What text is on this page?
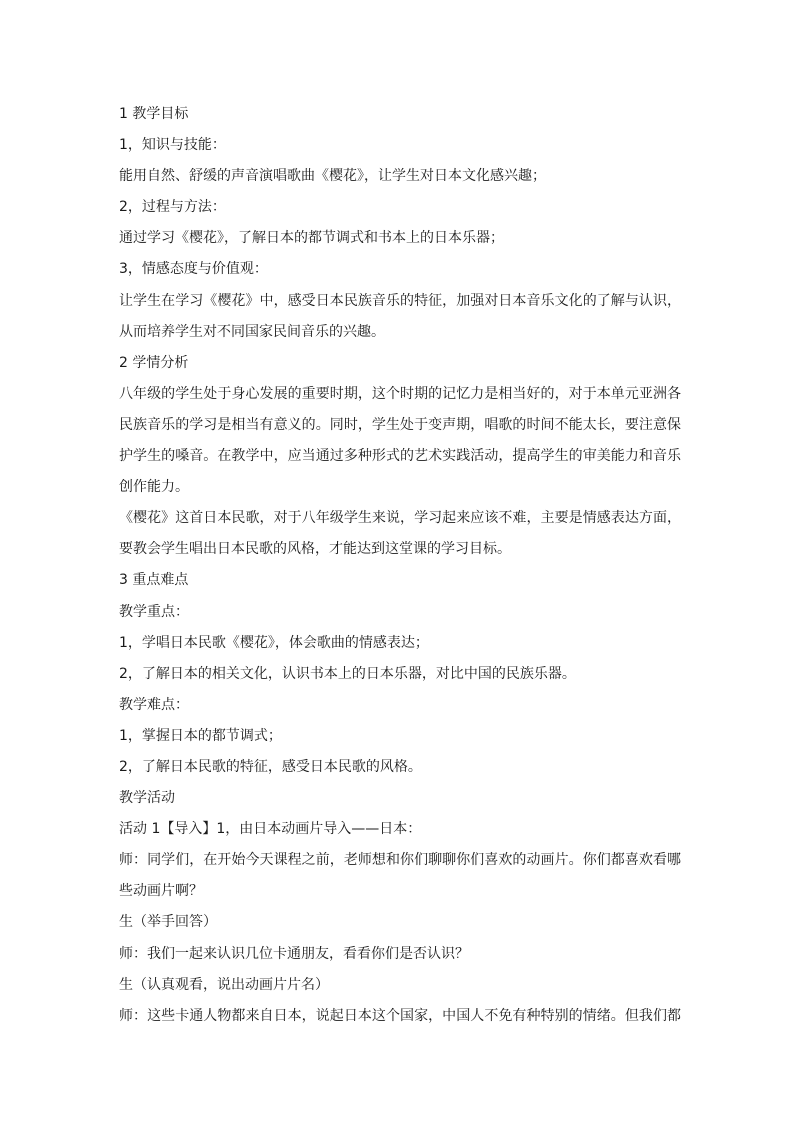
1 教学目标
1，知识与技能：
能用自然、舒缓的声音演唱歌曲《樱花》，让学生对日本文化感兴趣；
2，过程与方法：
通过学习《樱花》，了解日本的都节调式和书本上的日本乐器；
3，情感态度与价值观：
让学生在学习《樱花》中，感受日本民族音乐的特征，加强对日本音乐文化的了解与认识，
从而培养学生对不同国家民间音乐的兴趣。
2 学情分析
八年级的学生处于身心发展的重要时期，这个时期的记忆力是相当好的，对于本单元亚洲各
民族音乐的学习是相当有意义的。同时，学生处于变声期，唱歌的时间不能太长，要注意保
护学生的嗓音。在教学中，应当通过多种形式的艺术实践活动，提高学生的审美能力和音乐
创作能力。
《樱花》这首日本民歌，对于八年级学生来说，学习起来应该不难，主要是情感表达方面，
要教会学生唱出日本民歌的风格，才能达到这堂课的学习目标。
3 重点难点
教学重点：
1，学唱日本民歌《樱花》，体会歌曲的情感表达；
2，了解日本的相关文化，认识书本上的日本乐器，对比中国的民族乐器。
教学难点：
1，掌握日本的都节调式；
2，了解日本民歌的特征，感受日本民歌的风格。
教学活动
活动 1【导入】1，由日本动画片导入——日本：
师：同学们，在开始今天课程之前，老师想和你们聊聊你们喜欢的动画片。你们都喜欢看哪
些动画片啊？
生（举手回答）
师：我们一起来认识几位卡通朋友，看看你们是否认识？
生（认真观看，说出动画片片名）
师：这些卡通人物都来自日本，说起日本这个国家，中国人不免有种特别的情绪。但我们都
